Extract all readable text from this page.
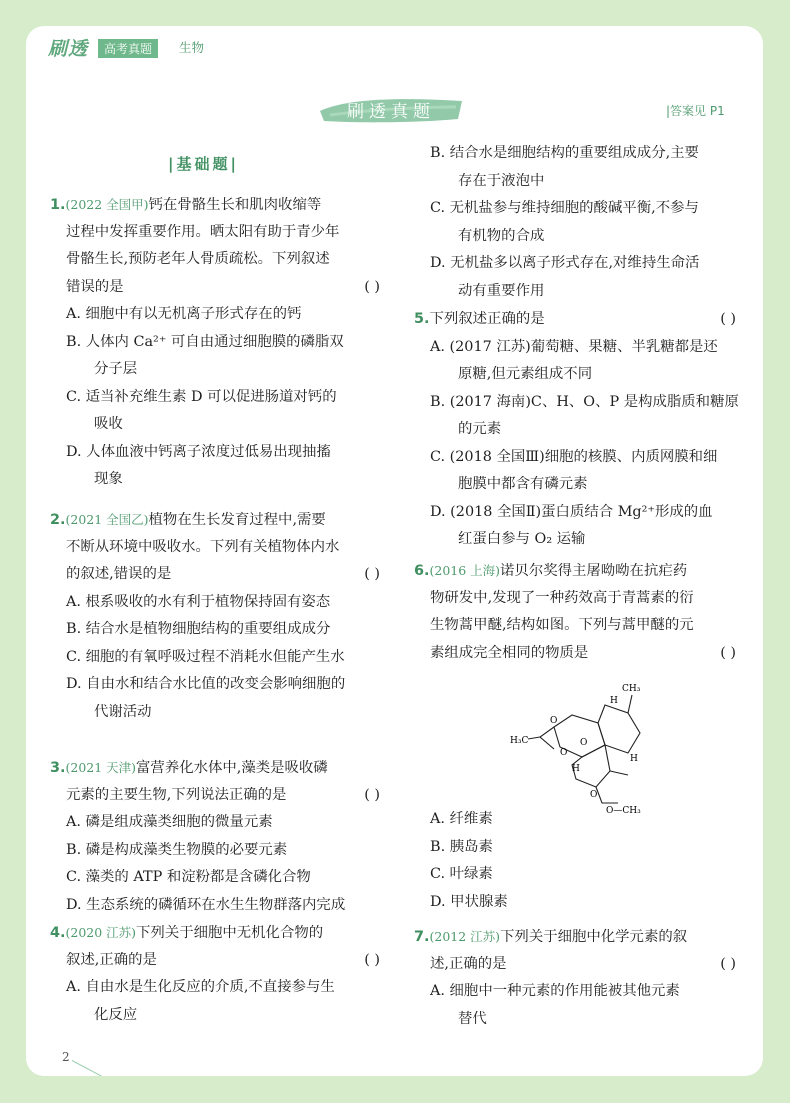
刷透	高考真题	生物
刷透真题	|答案见 P1
|基础题|
1.(2022 全国甲)钙在骨骼生长和肌肉收缩等
过程中发挥重要作用。晒太阳有助于青少年
骨骼生长,预防老年人骨质疏松。下列叙述
错误的是	( )
A. 细胞中有以无机离子形式存在的钙
B. 人体内 Ca²⁺ 可自由通过细胞膜的磷脂双
分子层
C. 适当补充维生素 D 可以促进肠道对钙的
吸收
D. 人体血液中钙离子浓度过低易出现抽搐
现象
2.(2021 全国乙)植物在生长发育过程中,需要
不断从环境中吸收水。下列有关植物体内水
的叙述,错误的是	( )
A. 根系吸收的水有利于植物保持固有姿态
B. 结合水是植物细胞结构的重要组成成分
C. 细胞的有氧呼吸过程不消耗水但能产生水
D. 自由水和结合水比值的改变会影响细胞的
代谢活动
3.(2021 天津)富营养化水体中,藻类是吸收磷
元素的主要生物,下列说法正确的是	( )
A. 磷是组成藻类细胞的微量元素
B. 磷是构成藻类生物膜的必要元素
C. 藻类的 ATP 和淀粉都是含磷化合物
D. 生态系统的磷循环在水生生物群落内完成
4.(2020 江苏)下列关于细胞中无机化合物的
叙述,正确的是	( )
A. 自由水是生化反应的介质,不直接参与生
化反应
B. 结合水是细胞结构的重要组成成分,主要
存在于液泡中
C. 无机盐参与维持细胞的酸碱平衡,不参与
有机物的合成
D. 无机盐多以离子形式存在,对维持生命活
动有重要作用
5.下列叙述正确的是	( )
A. (2017 江苏)葡萄糖、果糖、半乳糖都是还
原糖,但元素组成不同
B. (2017 海南)C、H、O、P 是构成脂质和糖原
的元素
C. (2018 全国Ⅲ)细胞的核膜、内质网膜和细
胞膜中都含有磷元素
D. (2018 全国Ⅱ)蛋白质结合 Mg²⁺形成的血
红蛋白参与 O₂ 运输
6.(2016 上海)诺贝尔奖得主屠呦呦在抗疟药
物研发中,发现了一种药效高于青蒿素的衍
生物蒿甲醚,结构如图。下列与蒿甲醚的元
素组成完全相同的物质是	( )
A. 纤维素
B. 胰岛素
C. 叶绿素
D. 甲状腺素
7.(2012 江苏)下列关于细胞中化学元素的叙
述,正确的是	( )
A. 细胞中一种元素的作用能被其他元素
替代
CH₃
H₃C
O
O
O
H
H
H
O
O—CH₃
2
